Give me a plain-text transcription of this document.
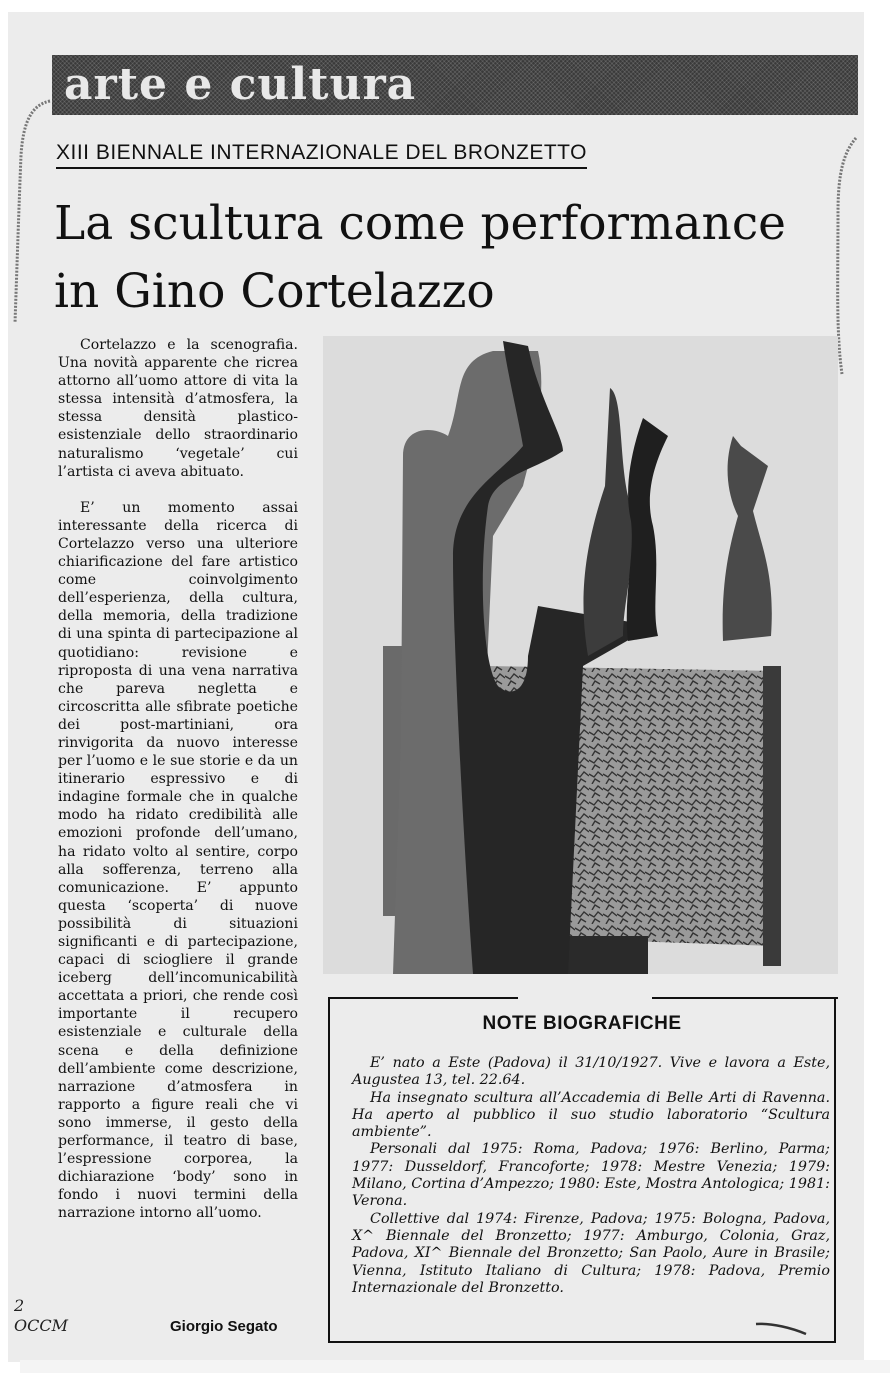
arte e cultura
XIII BIENNALE INTERNAZIONALE DEL BRONZETTO
La scultura come performance
in Gino Cortelazzo

Cortelazzo e la scenografia. Una novità apparente che ricrea attorno all’uomo attore di vita la stessa intensità d’atmosfera, la stessa densità plastico-esistenziale dello straordinario naturalismo ‘vegetale’ cui l’artista ci aveva abituato.

E’ un momento assai interessante della ricerca di Cortelazzo verso una ulteriore chiarificazione del fare artistico come coinvolgimento dell’esperienza, della cultura, della memoria, della tradizione di una spinta di partecipazione al quotidiano: revisione e riproposta di una vena narrativa che pareva negletta e circoscritta alle sfibrate poetiche dei post-martiniani, ora rinvigorita da nuovo interesse per l’uomo e le sue storie e da un itinerario espressivo e di indagine formale che in qualche modo ha ridato credibilità alle emozioni profonde dell’umano, ha ridato volto al sentire, corpo alla sofferenza, terreno alla comunicazione. E’ appunto questa ‘scoperta’ di nuove possibilità di situazioni significanti e di partecipazione, capaci di sciogliere il grande iceberg dell’incomunicabilità accettata a priori, che rende così importante il recupero esistenziale e culturale della scena e della definizione dell’ambiente come descrizione, narrazione d’atmosfera in rapporto a figure reali che vi sono immerse, il gesto della performance, il teatro di base, l’espressione corporea, la dichiarazione ‘body’ sono in fondo i nuovi termini della narrazione intorno all’uomo.

2
OCCM	Giorgio Segato
NOTE BIOGRAFICHE

E’ nato a Este (Padova) il 31/10/1927. Vive e lavora a Este, Augustea 13, tel. 22.64.

Ha insegnato scultura all’Accademia di Belle Arti di Ravenna. Ha aperto al pubblico il suo studio laboratorio “Scultura ambiente”.

Personali dal 1975: Roma, Padova; 1976: Berlino, Parma; 1977: Dusseldorf, Francoforte; 1978: Mestre Venezia; 1979: Milano, Cortina d’Ampezzo; 1980: Este, Mostra Antologica; 1981: Verona.

Collettive dal 1974: Firenze, Padova; 1975: Bologna, Padova, X^ Biennale del Bronzetto; 1977: Amburgo, Colonia, Graz, Padova, XI^ Biennale del Bronzetto; San Paolo, Aure in Brasile; Vienna, Istituto Italiano di Cultura; 1978: Padova, Premio Internazionale del Bronzetto.
